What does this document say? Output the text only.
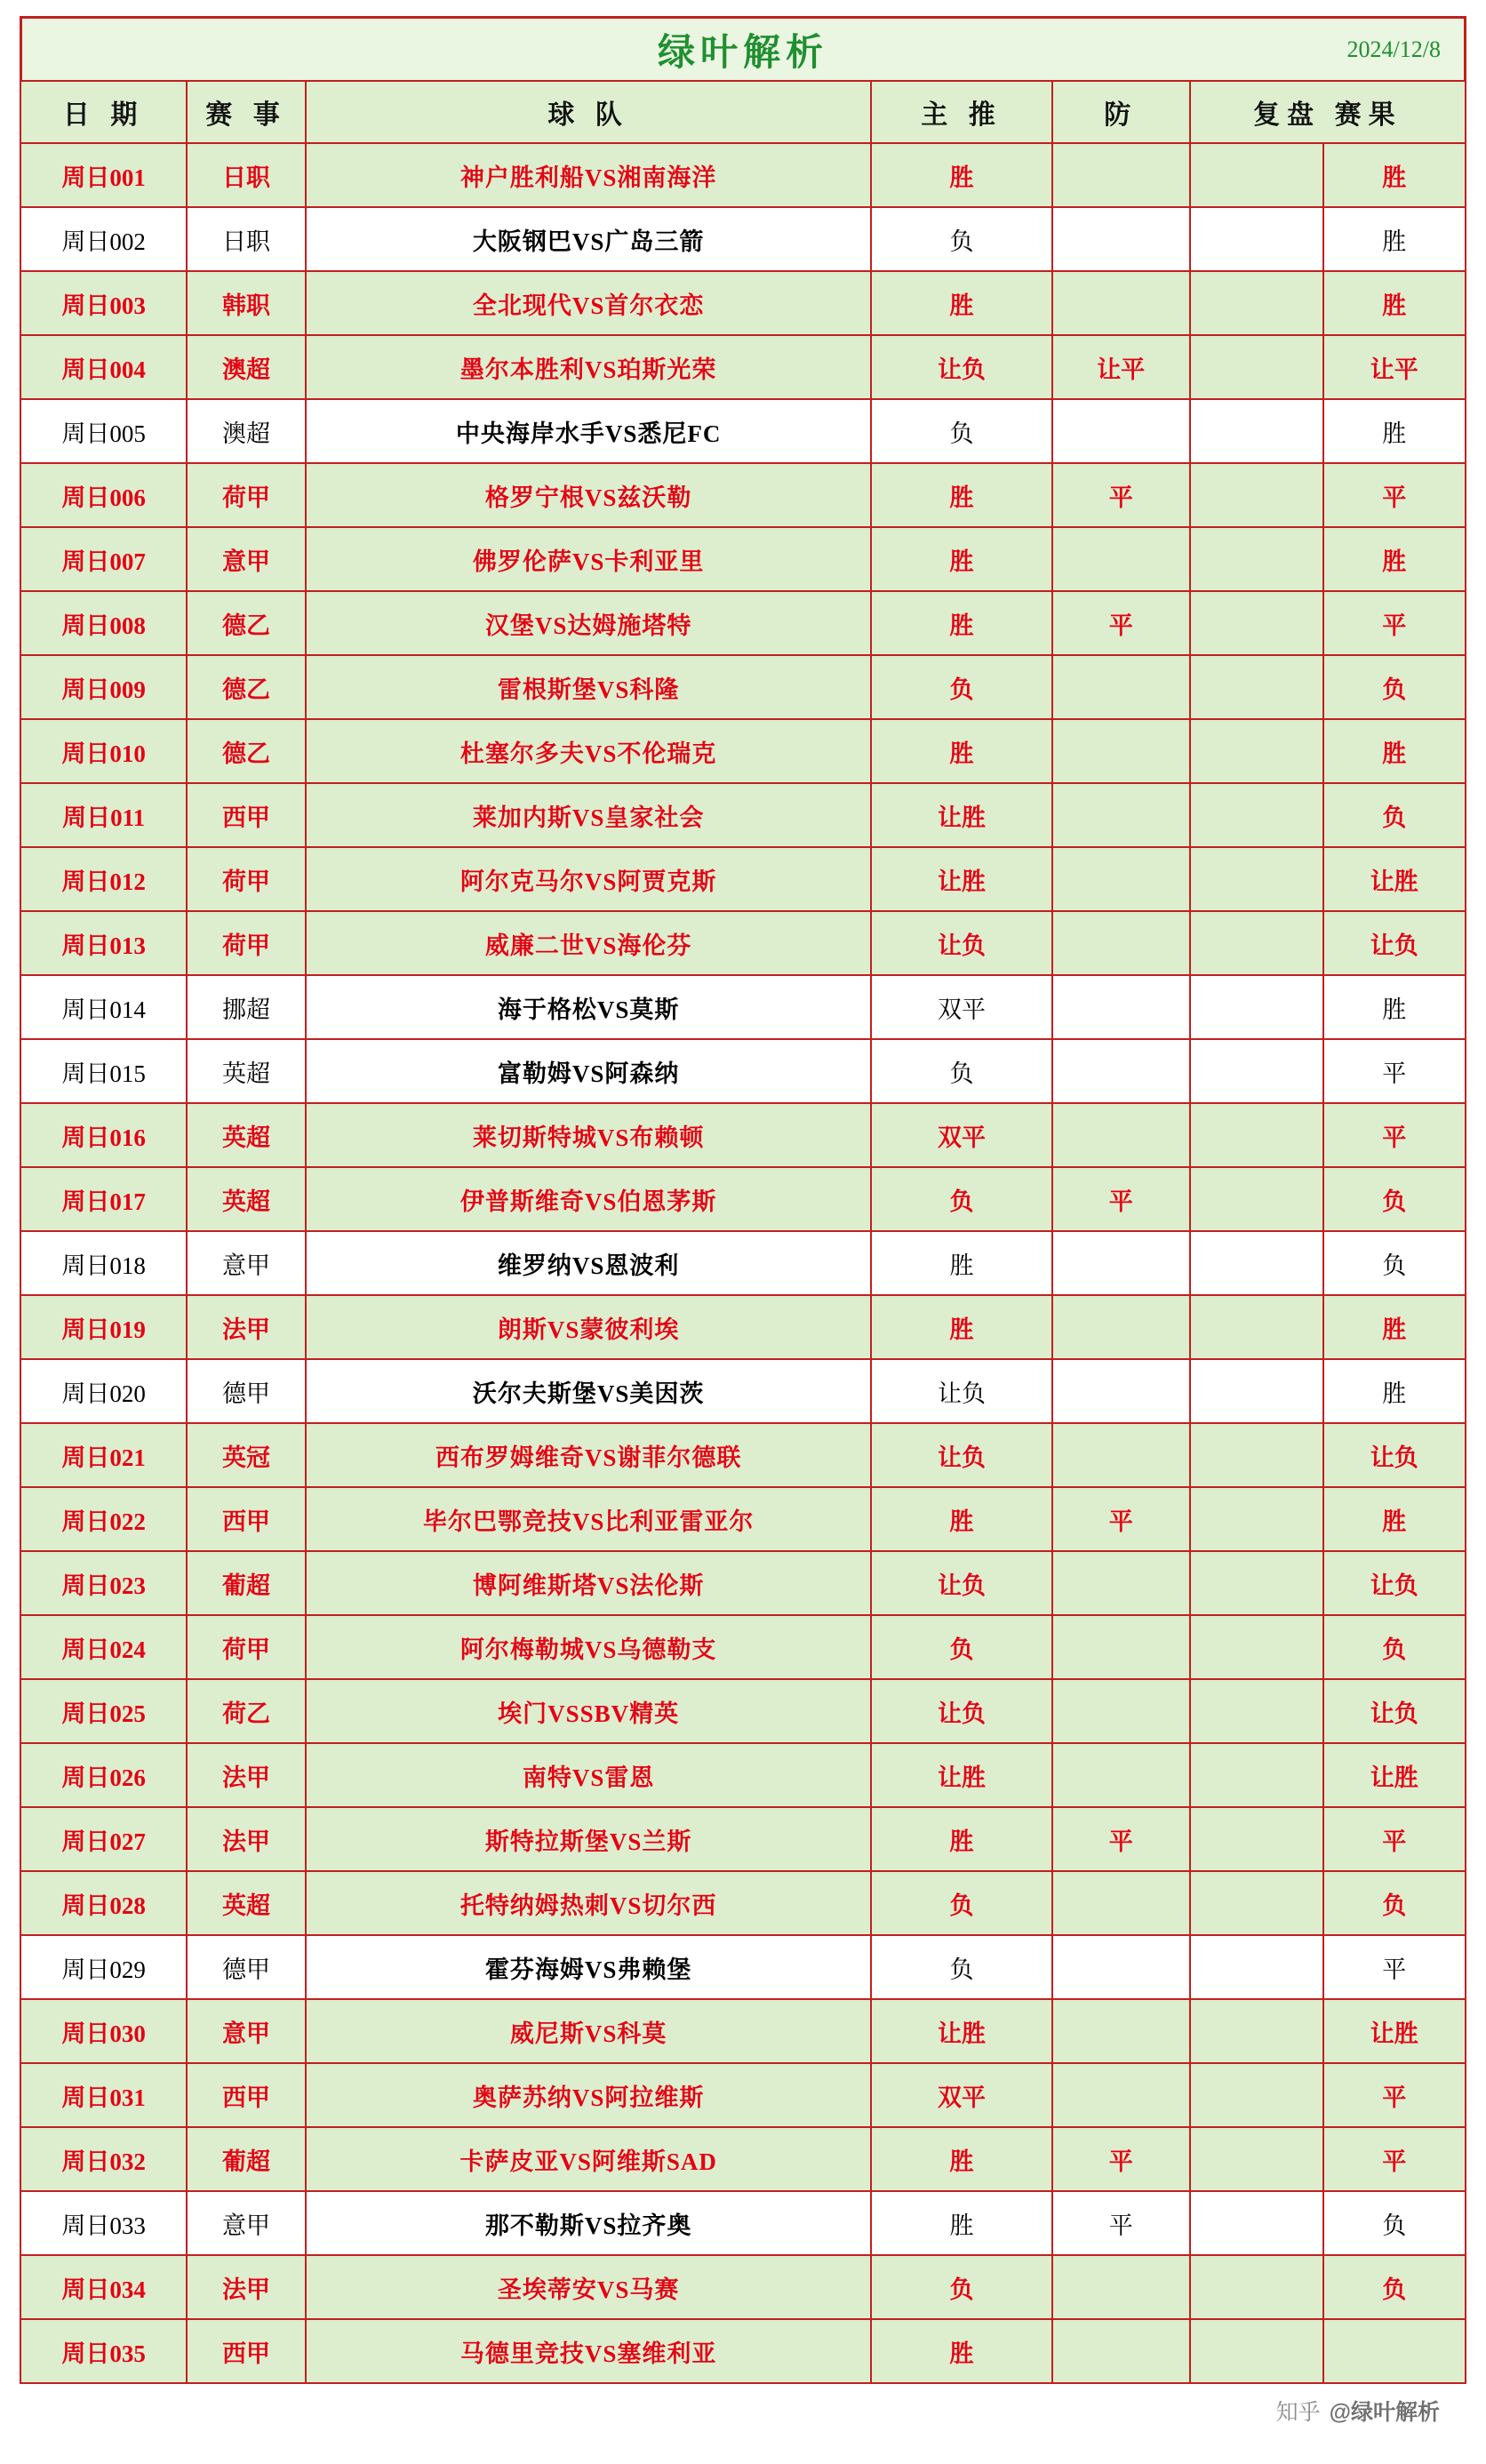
绿叶解析	2024/12/8
日 期	赛 事	球 队	主 推	防	复盘 赛果	
周日001	日职	神户胜利船VS湘南海洋	胜			胜
周日002	日职	大阪钢巴VS广岛三箭	负			胜
周日003	韩职	全北现代VS首尔衣恋	胜			胜
周日004	澳超	墨尔本胜利VS珀斯光荣	让负	让平		让平
周日005	澳超	中央海岸水手VS悉尼FC	负			胜
周日006	荷甲	格罗宁根VS兹沃勒	胜	平		平
周日007	意甲	佛罗伦萨VS卡利亚里	胜			胜
周日008	德乙	汉堡VS达姆施塔特	胜	平		平
周日009	德乙	雷根斯堡VS科隆	负			负
周日010	德乙	杜塞尔多夫VS不伦瑞克	胜			胜
周日011	西甲	莱加内斯VS皇家社会	让胜			负
周日012	荷甲	阿尔克马尔VS阿贾克斯	让胜			让胜
周日013	荷甲	威廉二世VS海伦芬	让负			让负
周日014	挪超	海于格松VS莫斯	双平			胜
周日015	英超	富勒姆VS阿森纳	负			平
周日016	英超	莱切斯特城VS布赖顿	双平			平
周日017	英超	伊普斯维奇VS伯恩茅斯	负	平		负
周日018	意甲	维罗纳VS恩波利	胜			负
周日019	法甲	朗斯VS蒙彼利埃	胜			胜
周日020	德甲	沃尔夫斯堡VS美因茨	让负			胜
周日021	英冠	西布罗姆维奇VS谢菲尔德联	让负			让负
周日022	西甲	毕尔巴鄂竞技VS比利亚雷亚尔	胜	平		胜
周日023	葡超	博阿维斯塔VS法伦斯	让负			让负
周日024	荷甲	阿尔梅勒城VS乌德勒支	负			负
周日025	荷乙	埃门VSSBV精英	让负			让负
周日026	法甲	南特VS雷恩	让胜			让胜
周日027	法甲	斯特拉斯堡VS兰斯	胜	平		平
周日028	英超	托特纳姆热刺VS切尔西	负			负
周日029	德甲	霍芬海姆VS弗赖堡	负			平
周日030	意甲	威尼斯VS科莫	让胜			让胜
周日031	西甲	奥萨苏纳VS阿拉维斯	双平			平
周日032	葡超	卡萨皮亚VS阿维斯SAD	胜	平		平
周日033	意甲	那不勒斯VS拉齐奥	胜	平		负
周日034	法甲	圣埃蒂安VS马赛	负			负
周日035	西甲	马德里竞技VS塞维利亚	胜			
知乎 @绿叶解析
